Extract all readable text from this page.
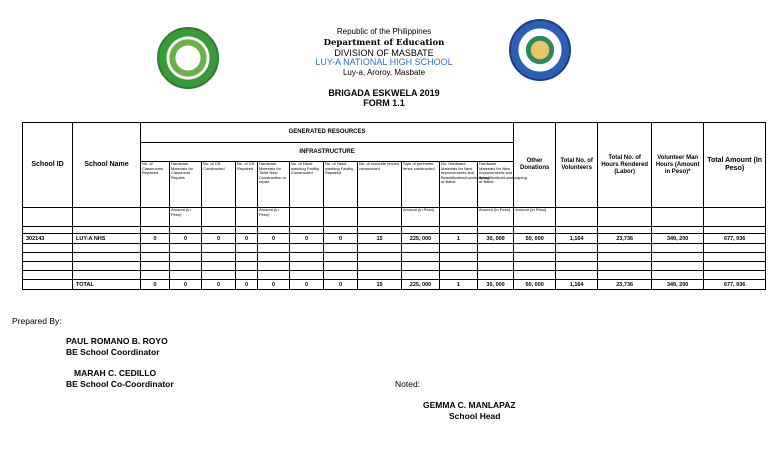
Republic of the Philippines
Department of Education
DIVISION OF MASBATE
LUY-A NATIONAL HIGH SCHOOL
Luy-a, Aroroy, Masbate
BRIGADA ESKWELA 2019
FORM 1.1
School ID	School Name	GENERATED RESOURCES											Other Donations	Total No. of Volunteers	Total No. of Hours Rendered (Labor)	Volunteer Man Hours (Amount in Peso)*	Total Amount (In Peso)
		INFRASTRUCTURE															
		No. of Classrooms Repaired	Hardware Materials for Classroom Repairs	No. of CR Constructed	No. of CR Repaired	Hardware Materials for Toilet New Construction or repair	No. of Hand washing Facility Constructed	No. of Hand washing Facility Repaired	No. of concrete fences constructed	Sqm of perimeter fence constructed	No. Hardware Materials for New Improvements and Beautification/Landscaping of Ballot	Hardware Materials for New Improvements and Beautification/Landscaping of Ballot					
			Amount (In Peso)			Amount (In Peso)				Amount (In Peso)		Amount (In Peso)	Amount (In Peso)				

302143	LUY-A NHS	0	0	0	0	0	0	0	15	225, 000	1	30, 000	50, 000	1,164	23,736	349, 200	677, 936

	TOTAL	0	0	0	0	0	0	0	15	225, 000	1	30, 000	50, 000	1,164	23,736	349, 200	677, 936
Prepared By:
PAUL ROMANO B. ROYO
BE School Coordinator
MARAH C. CEDILLO
BE School Co-Coordinator	Noted:
GEMMA C. MANLAPAZ
School Head
